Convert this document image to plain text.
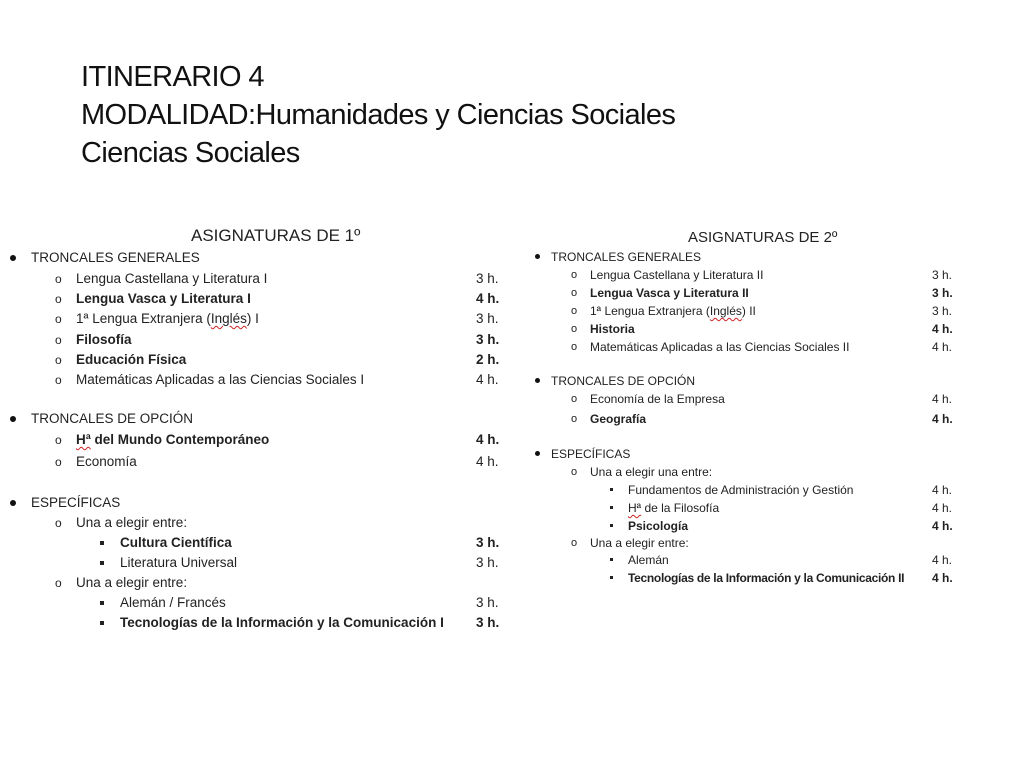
ITINERARIO 4
MODALIDAD:Humanidades y Ciencias Sociales
Ciencias Sociales
ASIGNATURAS DE 1º
TRONCALES GENERALES
o Lengua Castellana y Literatura I	3 h.
o Lengua Vasca y Literatura I	4 h.
o 1ª Lengua Extranjera (Inglés) I	3 h.
o Filosofía	3 h.
o Educación Física	2 h.
o Matemáticas Aplicadas a las Ciencias Sociales I	4 h.
TRONCALES DE OPCIÓN
o Hª del Mundo Contemporáneo	4 h.
o Economía	4 h.
ESPECÍFICAS
o Una a elegir entre:
Cultura Científica	3 h.
Literatura Universal	3 h.
o Una a elegir entre:
Alemán / Francés	3 h.
Tecnologías de la Información y la Comunicación I 3 h.
ASIGNATURAS DE 2º
TRONCALES GENERALES
o Lengua Castellana y Literatura II	3 h.
o Lengua Vasca y Literatura II	3 h.
o 1ª Lengua Extranjera (Inglés) II	3 h.
o Historia	4 h.
o Matemáticas Aplicadas a las Ciencias Sociales II	4 h.
TRONCALES DE OPCIÓN
o Economía de la Empresa	4 h.
o Geografía	4 h.
ESPECÍFICAS
o Una a elegir una entre:
Fundamentos de Administración y Gestión	4 h.
Hª de la Filosofía	4 h.
Psicología	4 h.
o Una a elegir entre:
Alemán	4 h.
Tecnologías de la Información y la Comunicación II 4 h.
